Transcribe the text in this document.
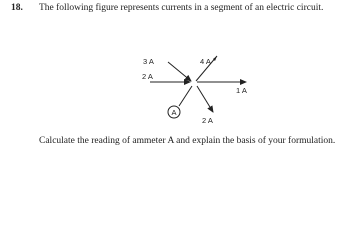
18. The following figure represents currents in a segment of an electric circuit.
A
3 A	4 A
2 A
1 A
2 A
Calculate the reading of ammeter A and explain the basis of your formulation.
